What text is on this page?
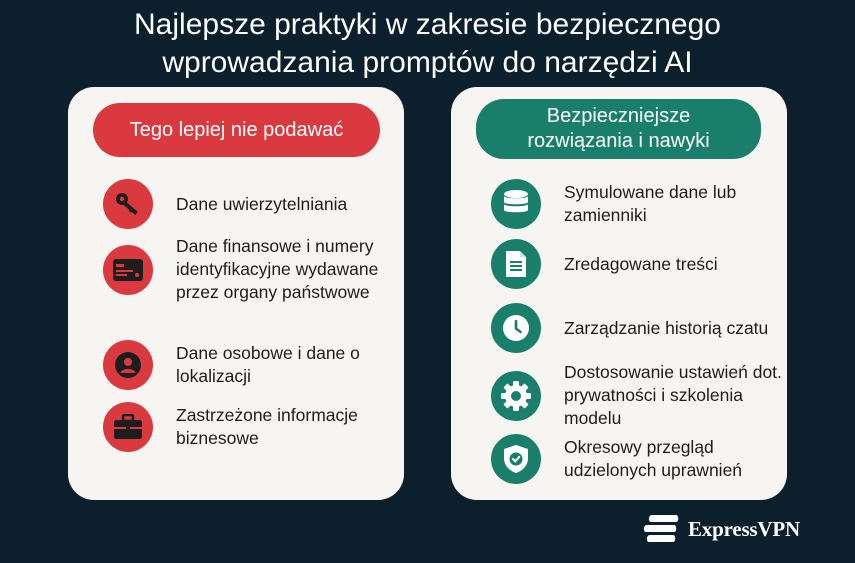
Najlepsze praktyki w zakresie bezpiecznego
wprowadzania promptów do narzędzi AI
Tego lepiej nie podawać
Dane uwierzytelniania
Dane finansowe i numery identyfikacyjne wydawane przez organy państwowe
Dane osobowe i dane o lokalizacji
Zastrzeżone informacje biznesowe
Bezpieczniejsze
rozwiązania i nawyki
Symulowane dane lub zamienniki
Zredagowane treści
Zarządzanie historią czatu
Dostosowanie ustawień dot. prywatności i szkolenia modelu
Okresowy przegląd udzielonych uprawnień
ExpressVPN
